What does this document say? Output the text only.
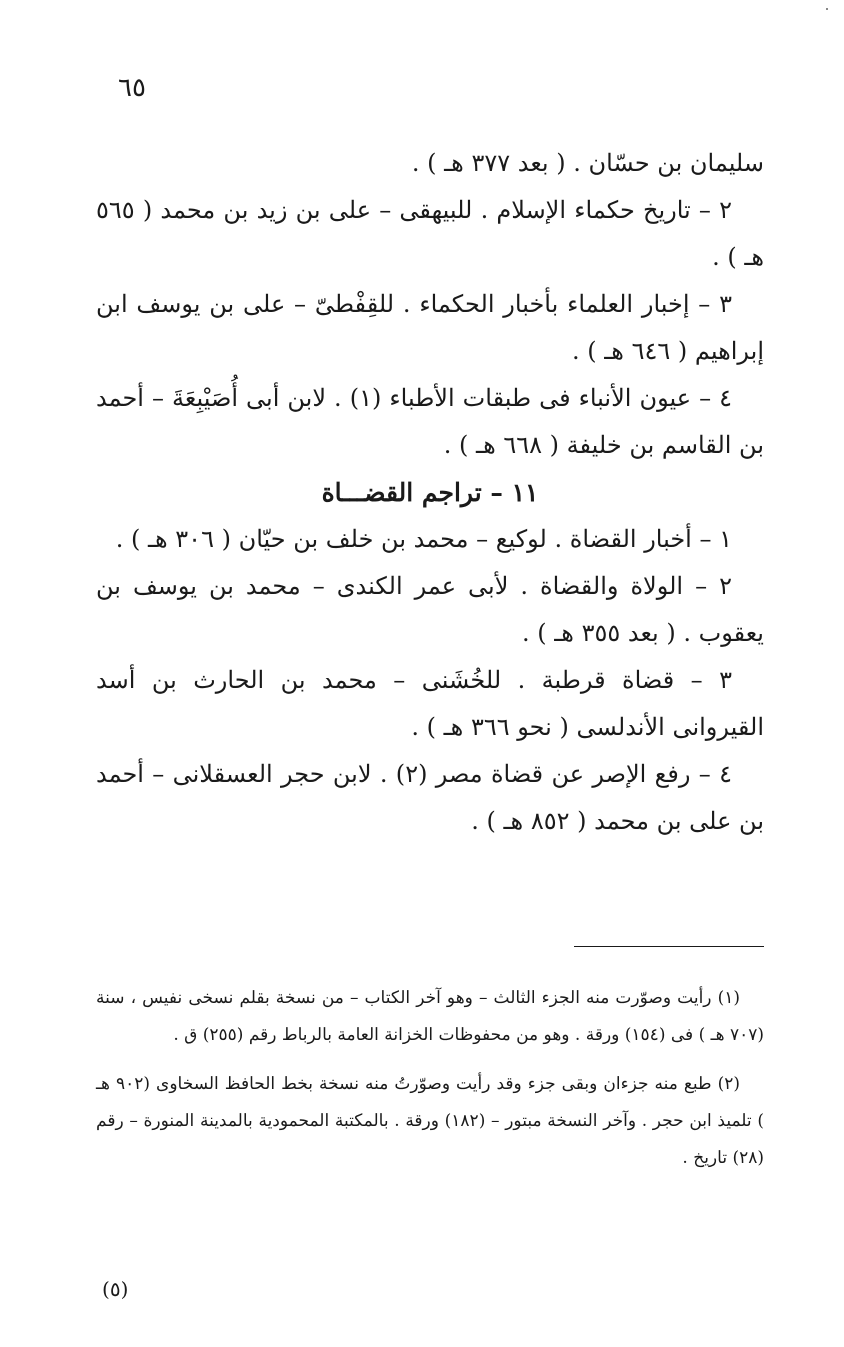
٦٥

سليمان بن حسّان . ( بعد ٣٧٧ هـ ) .

٢ – تاريخ حكماء الإسلام . للبيهقى – على بن زيد بن محمد ( ٥٦٥ هـ ) .

٣ – إخبار العلماء بأخبار الحكماء . للقِفْطىّ – على بن يوسف ابن إبراهيم ( ٦٤٦ هـ ) .

٤ – عيون الأنباء فى طبقات الأطباء (١) . لابن أبى أُصَيْبِعَةَ – أحمد بن القاسم بن خليفة ( ٦٦٨ هـ ) .

١١ – تراجم القضـــاة

١ – أخبار القضاة . لوكيع – محمد بن خلف بن حيّان ( ٣٠٦ هـ ) .

٢ – الولاة والقضاة . لأبى عمر الكندى – محمد بن يوسف بن يعقوب . ( بعد ٣٥٥ هـ ) .

٣ – قضاة قرطبة . للخُشَنى – محمد بن الحارث بن أسد القيروانى الأندلسى ( نحو ٣٦٦ هـ ) .

٤ – رفع الإصر عن قضاة مصر (٢) . لابن حجر العسقلانى – أحمد بن على بن محمد ( ٨٥٢ هـ ) .

(١) رأيت وصوّرت منه الجزء الثالث – وهو آخر الكتاب – من نسخة بقلم نسخى نفيس ، سنة (٧٠٧ هـ ) فى (١٥٤) ورقة . وهو من محفوظات الخزانة العامة بالرباط رقم (٢٥٥) ق .

(٢) طبع منه جزءان وبقى جزء وقد رأيت وصوّرتُ منه نسخة بخط الحافظ السخاوى (٩٠٢ هـ ) تلميذ ابن حجر . وآخر النسخة مبتور – (١٨٢) ورقة . بالمكتبة المحمودية بالمدينة المنورة – رقم (٢٨) تاريخ .

(٥)
